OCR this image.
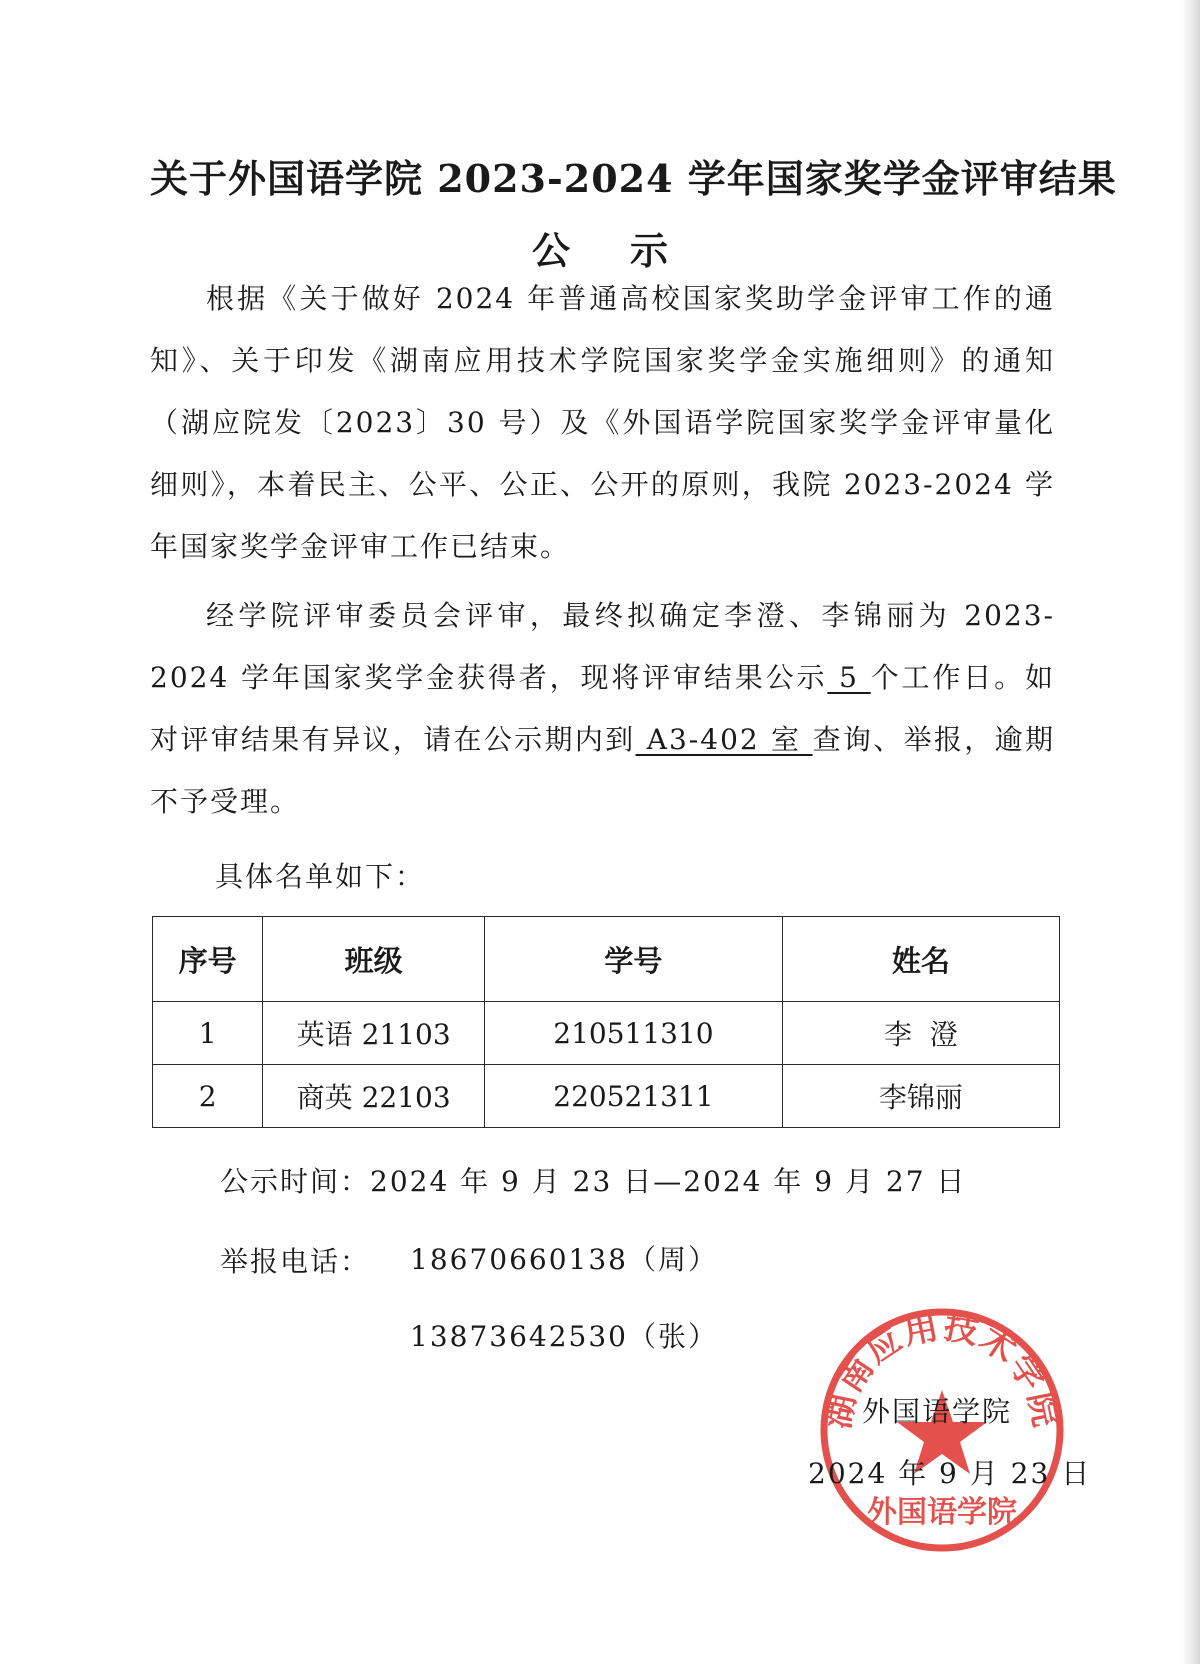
关于外国语学院 2023-2024 学年国家奖学金评审结果
公示
根据《关于做好 2024 年普通高校国家奖助学金评审工作的通知》、关于印发《湖南应用技术学院国家奖学金实施细则》的通知（湖应院发〔2023〕30 号）及《外国语学院国家奖学金评审量化细则》，本着民主、公平、公正、公开的原则，我院 2023-2024 学年国家奖学金评审工作已结束。
经学院评审委员会评审，最终拟确定李澄、李锦丽为 2023-2024 学年国家奖学金获得者，现将评审结果公示 5 个工作日。如对评审结果有异议，请在公示期内到 A3-402 室 查询、举报，逾期不予受理。
具体名单如下：
序号	班级	学号	姓名
1	英语 21103	210511310	李  澄
2	商英 22103	220521311	李锦丽
公示时间：2024 年 9 月 23 日—2024 年 9 月 27 日
举报电话： 18670660138（周）
13873642530（张）
湖南应用技术学院
外国语学院
外国语学院
2024 年 9 月 23 日
